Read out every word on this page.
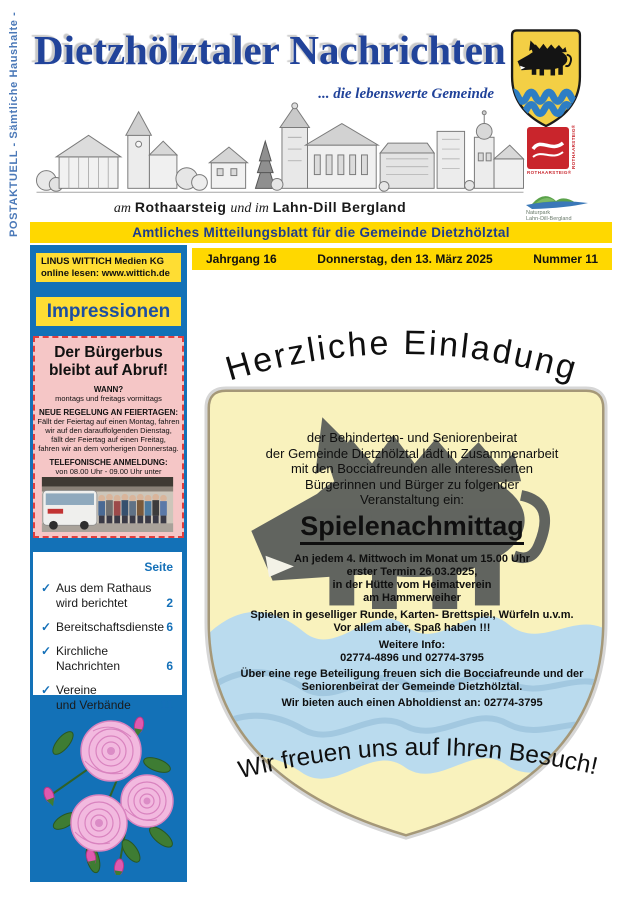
POSTAKTUELL - Sämtliche Haushalte - Dietzhölztaler Nachrichten
... die lebenswerte Gemeinde
am Rothaarsteig und im Lahn-Dill Bergland
ROTHAARSTEIG®
ROTHAARSTEIG®
Naturpark
Lahn-Dill-Bergland
Amtliches Mitteilungsblatt für die Gemeinde Dietzhölztal
Jahrgang 16	Donnerstag, den 13. März 2025	Nummer 11
LINUS WITTICH Medien KG
online lesen: www.wittich.de
Impressionen
Der Bürgerbus
bleibt auf Abruf!
WANN?
montags und freitags vormittags
NEUE REGELUNG AN FEIERTAGEN:
Fällt der Feiertag auf einen Montag, fahren
wir auf den darauffolgenden Dienstag,
fällt der Feiertag auf einen Freitag,
fahren wir an dem vorherigen Donnerstag.
TELEFONISCHE ANMELDUNG:
von 08.00 Uhr - 09.00 Uhr unter
Seite
✓ Aus dem Rathaus
wird berichtet	2
✓ Bereitschaftsdienste 6
✓ Kirchliche
Nachrichten	6
✓ Vereine
und Verbände	11
Herzliche Einladung
der Behinderten- und Seniorenbeirat
der Gemeinde Dietzhölztal lädt in Zusammenarbeit
mit den Bocciafreunden alle interessierten
Bürgerinnen und Bürger zu folgender
Veranstaltung ein:
Spielenachmittag
An jedem 4. Mittwoch im Monat um 15.00 Uhr
erster Termin 26.03.2025,
in der Hütte vom Heimatverein
am Hammerweiher
Spielen in geselliger Runde, Karten- Brettspiel, Würfeln u.v.m.
Vor allem aber, Spaß haben !!!
Weitere Info:
02774-4896 und 02774-3795
Über eine rege Beteiligung freuen sich die Bocciafreunde und der
Seniorenbeirat der Gemeinde Dietzhölztal.
Wir bieten auch einen Abholdienst an: 02774-3795
Wir freuen uns auf Ihren Besuch!
